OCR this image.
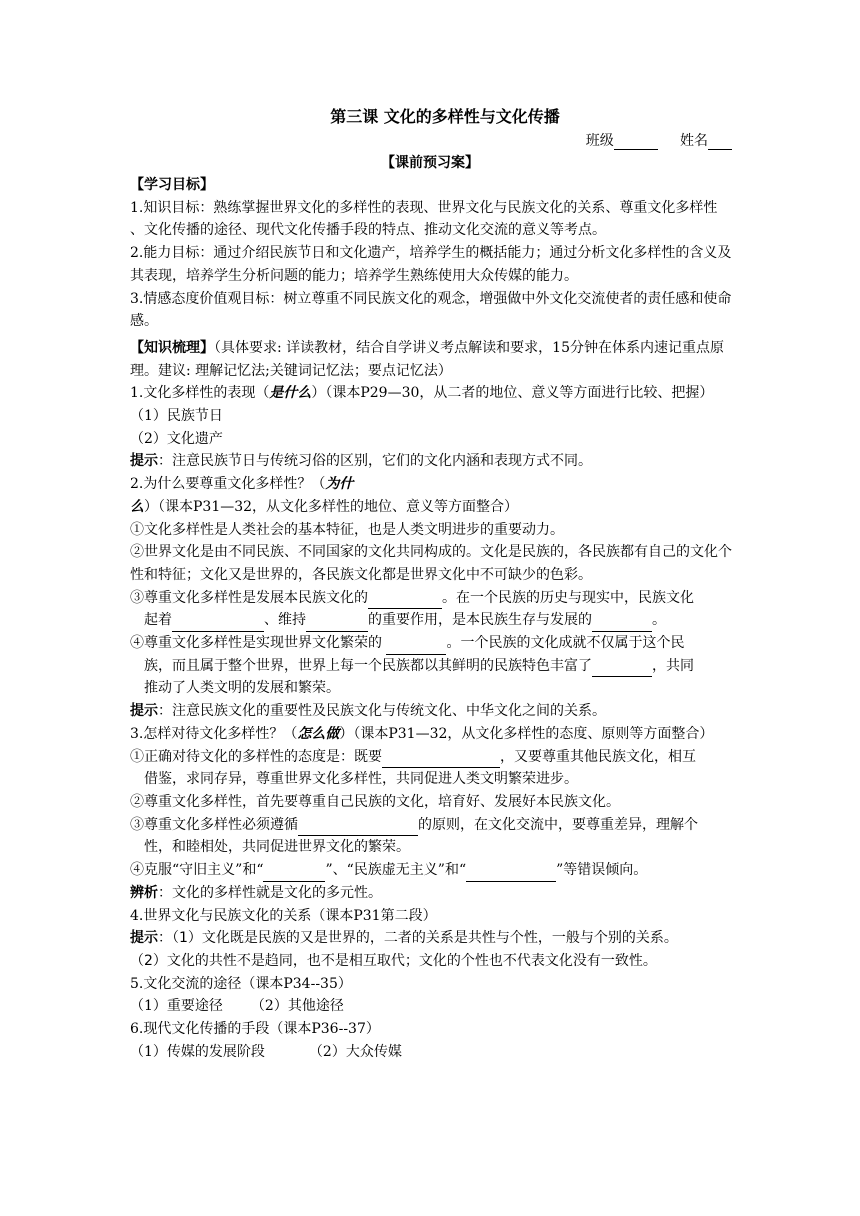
第三课 文化的多样性与文化传播
班级	姓名
【课前预习案】

【学习目标】

1.知识目标：熟练掌握世界文化的多样性的表现、世界文化与民族文化的关系、尊重文化多样性 、文化传播的途径、现代文化传播手段的特点、推动文化交流的意义等考点。

2.能力目标：通过介绍民族节日和文化遗产，培养学生的概括能力；通过分析文化多样性的含义及其表现，培养学生分析问题的能力；培养学生熟练使用大众传媒的能力。

3.情感态度价值观目标：树立尊重不同民族文化的观念，增强做中外文化交流使者的责任感和使命感。

【知识梳理】（具体要求: 详读教材，结合自学讲义考点解读和要求，15分钟在体系内速记重点原理。建议: 理解记忆法;关键词记忆法；要点记忆法）

1.文化多样性的表现（是什么）（课本P29—30，从二者的地位、意义等方面进行比较、把握）

（1）民族节日

（2）文化遗产

提示：注意民族节日与传统习俗的区别，它们的文化内涵和表现方式不同。

2.为什么要尊重文化多样性？（为什么）（课本P31—32，从文化多样性的地位、意义等方面整合）

①文化多样性是人类社会的基本特征，也是人类文明进步的重要动力。

②世界文化是由不同民族、不同国家的文化共同构成的。文化是民族的，各民族都有自己的文化个性和特征；文化又是世界的，各民族文化都是世界文化中不可缺少的色彩。

③尊重文化多样性是发展本民族文化的	。在一个民族的历史与现实中，民族文化
起着	、维持	的重要作用，是本民族生存与发展的	。

④尊重文化多样性是实现世界文化繁荣的	。一个民族的文化成就不仅属于这个民
族，而且属于整个世界，世界上每一个民族都以其鲜明的民族特色丰富了	，共同
推动了人类文明的发展和繁荣。

提示：注意民族文化的重要性及民族文化与传统文化、中华文化之间的关系。

3.怎样对待文化多样性？（怎么做）（课本P31—32，从文化多样性的态度、原则等方面整合）

①正确对待文化的多样性的态度是：既要	，又要尊重其他民族文化，相互
借鉴，求同存异，尊重世界文化多样性，共同促进人类文明繁荣进步。

②尊重文化多样性，首先要尊重自己民族的文化，培育好、发展好本民族文化。

③尊重文化多样性必须遵循	的原则，在文化交流中，要尊重差异，理解个
性，和睦相处，共同促进世界文化的繁荣。

④克服“守旧主义”和“	”、“民族虚无主义”和“	”等错误倾向。

辨析：文化的多样性就是文化的多元性。

4.世界文化与民族文化的关系（课本P31第二段）

提示：（1）文化既是民族的又是世界的，二者的关系是共性与个性，一般与个别的关系。

（2）文化的共性不是趋同，也不是相互取代；文化的个性也不代表文化没有一致性。

5.文化交流的途径（课本P34--35）

（1）重要途径 （2）其他途径

6.现代文化传播的手段（课本P36--37）

（1）传媒的发展阶段	（2）大众传媒
